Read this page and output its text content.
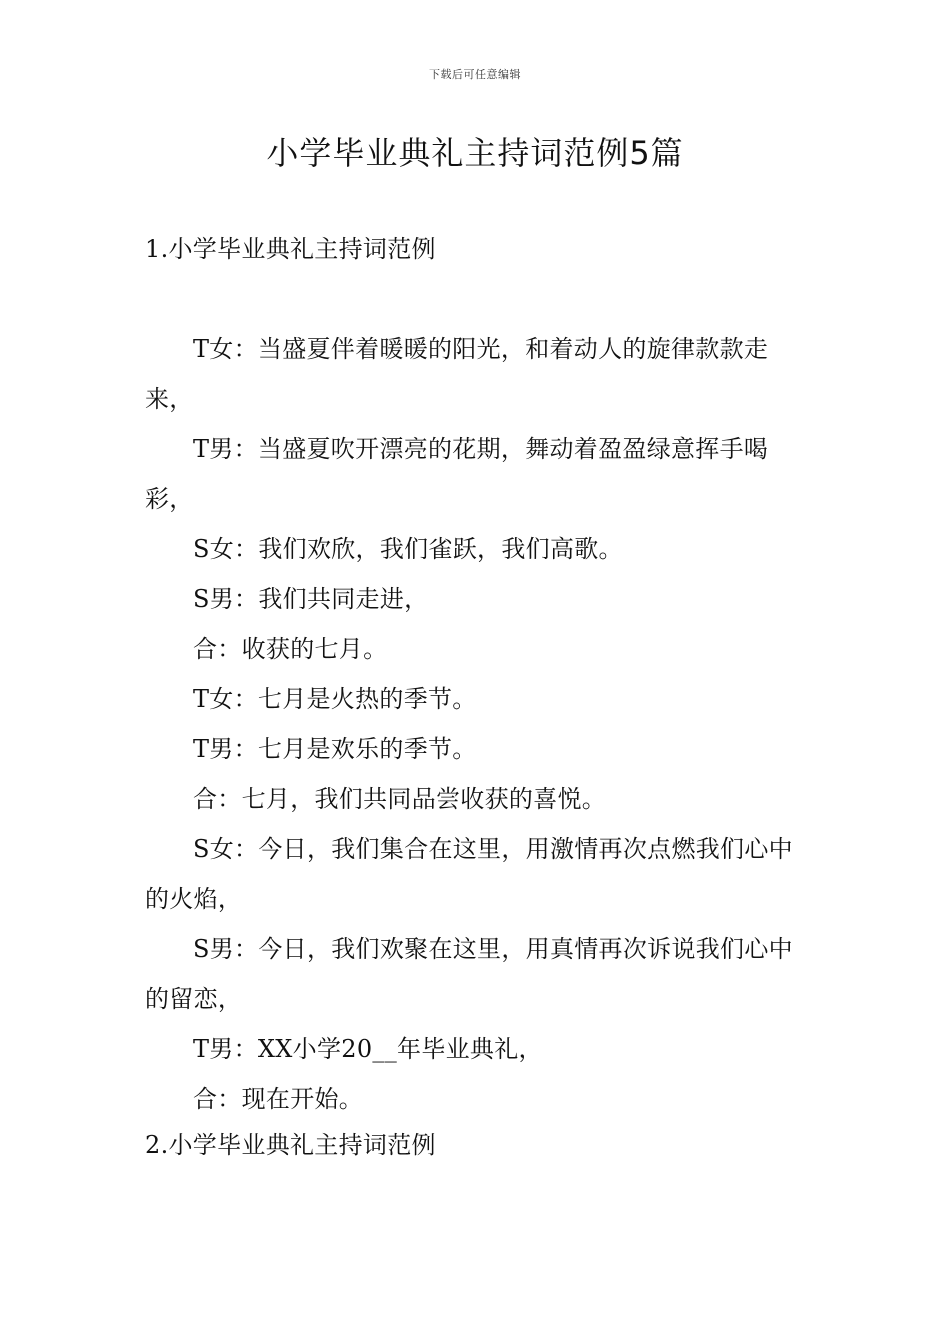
下载后可任意编辑
小学毕业典礼主持词范例5篇
1.小学毕业典礼主持词范例

T女：当盛夏伴着暖暖的阳光，和着动人的旋律款款走来，

T男：当盛夏吹开漂亮的花期，舞动着盈盈绿意挥手喝彩，

S女：我们欢欣，我们雀跃，我们高歌。

S男：我们共同走进，

合：收获的七月。

T女：七月是火热的季节。

T男：七月是欢乐的季节。

合：七月，我们共同品尝收获的喜悦。

S女：今日，我们集合在这里，用激情再次点燃我们心中的火焰，

S男：今日，我们欢聚在这里，用真情再次诉说我们心中的留恋，

T男：XX小学20__年毕业典礼，

合：现在开始。

2.小学毕业典礼主持词范例
